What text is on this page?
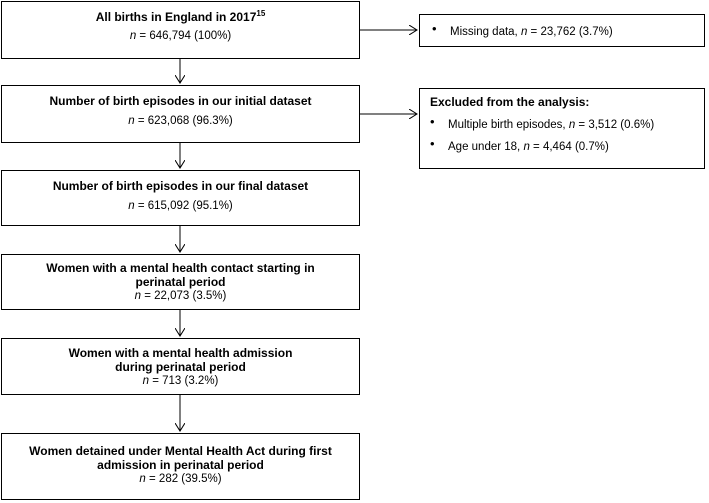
All births in England in 2017$^{15}$
n = 646,794 (100%)
Number of birth episodes in our initial dataset
n = 623,068 (96.3%)
Number of birth episodes in our final dataset
n = 615,092 (95.1%)
Women with a mental health contact starting in perinatal period
n = 22,073 (3.5%)
Women with a mental health admission during perinatal period
n = 713 (3.2%)
Women detained under Mental Health Act during first admission in perinatal period
n = 282 (39.5%)
• Missing data, n = 23,762 (3.7%)
Excluded from the analysis:
• Multiple birth episodes, n = 3,512 (0.6%)
• Age under 18, n = 4,464 (0.7%)
